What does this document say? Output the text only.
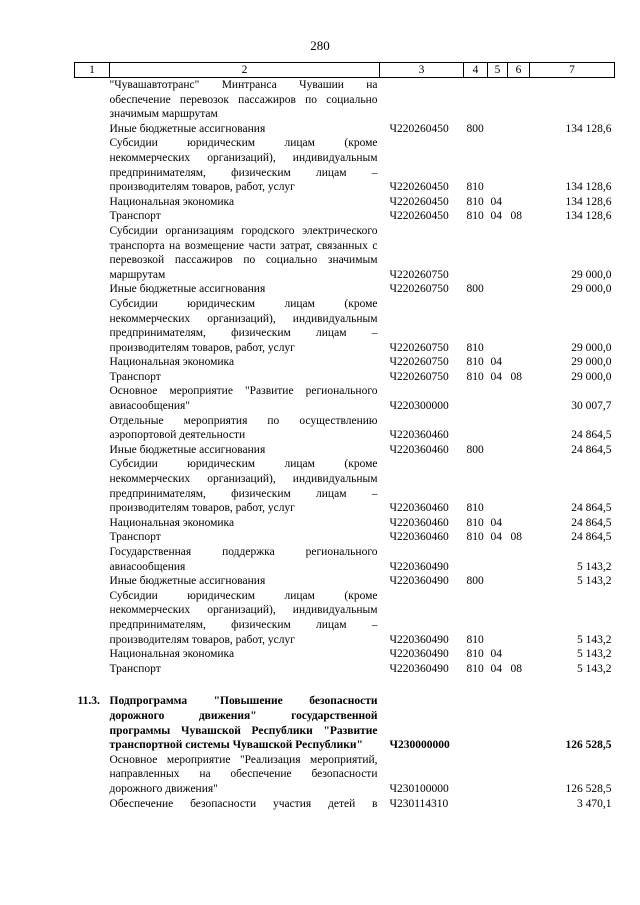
280
1	2	3	4	5	6	7
	"Чувашавтотранс" Минтранса Чувашии на обеспечение перевозок пассажиров по социально значимым маршрутам					
	Иные бюджетные ассигнования	Ч220260450	800			134 128,6
	Субсидии юридическим лицам (кроме некоммерческих организаций), индивидуальным предпринимателям, физическим лицам – производителям товаров, работ, услуг	Ч220260450	810			134 128,6
	Национальная экономика	Ч220260450	810	04		134 128,6
	Транспорт	Ч220260450	810	04	08	134 128,6
	Субсидии организациям городского электрического транспорта на возмещение части затрат, связанных с перевозкой пассажиров по социально значимым маршрутам	Ч220260750				29 000,0
	Иные бюджетные ассигнования	Ч220260750	800			29 000,0
	Субсидии юридическим лицам (кроме некоммерческих организаций), индивидуальным предпринимателям, физическим лицам – производителям товаров, работ, услуг	Ч220260750	810			29 000,0
	Национальная экономика	Ч220260750	810	04		29 000,0
	Транспорт	Ч220260750	810	04	08	29 000,0
	Основное мероприятие "Развитие регионального авиасообщения"	Ч220300000				30 007,7
	Отдельные мероприятия по осуществлению аэропортовой деятельности	Ч220360460				24 864,5
	Иные бюджетные ассигнования	Ч220360460	800			24 864,5
	Субсидии юридическим лицам (кроме некоммерческих организаций), индивидуальным предпринимателям, физическим лицам – производителям товаров, работ, услуг	Ч220360460	810			24 864,5
	Национальная экономика	Ч220360460	810	04		24 864,5
	Транспорт	Ч220360460	810	04	08	24 864,5
	Государственная поддержка регионального авиасообщения	Ч220360490				5 143,2
	Иные бюджетные ассигнования	Ч220360490	800			5 143,2
	Субсидии юридическим лицам (кроме некоммерческих организаций), индивидуальным предпринимателям, физическим лицам – производителям товаров, работ, услуг	Ч220360490	810			5 143,2
	Национальная экономика	Ч220360490	810	04		5 143,2
	Транспорт	Ч220360490	810	04	08	5 143,2

11.3.	Подпрограмма "Повышение безопасности дорожного движения" государственной программы Чувашской Республики "Развитие транспортной системы Чувашской Республики"	Ч230000000				126 528,5
	Основное мероприятие "Реализация мероприятий, направленных на обеспечение безопасности дорожного движения"	Ч230100000				126 528,5
	Обеспечение безопасности участия детей в	Ч230114310				3 470,1
